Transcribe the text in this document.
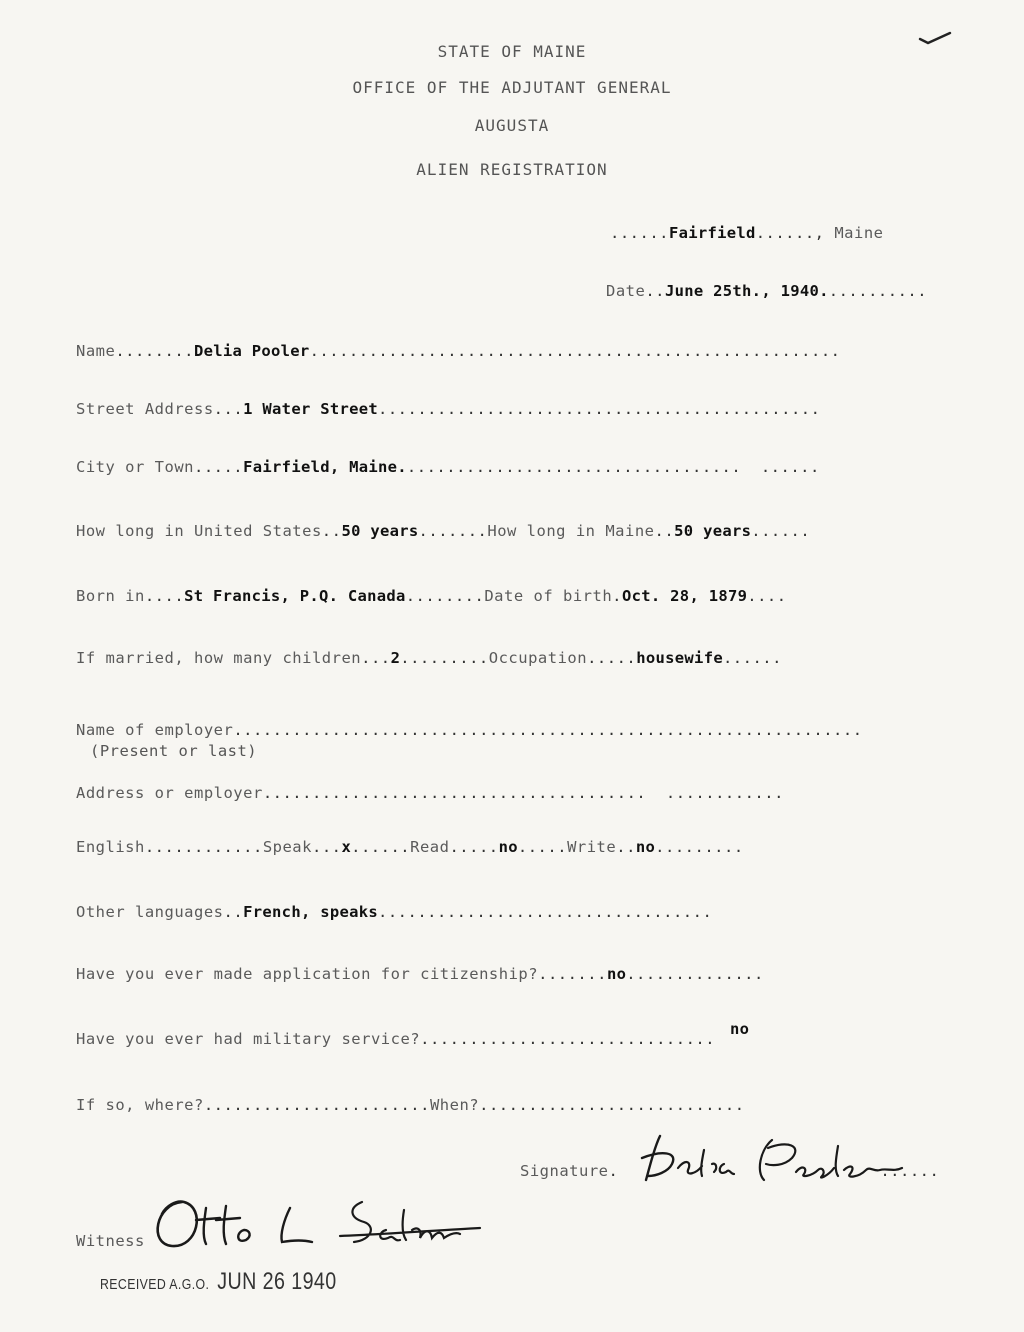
STATE OF MAINE
OFFICE OF THE ADJUTANT GENERAL
AUGUSTA
ALIEN REGISTRATION
......Fairfield......, Maine
Date..June 25th., 1940...........
Name........Delia Pooler......................................................
Street Address...1 Water Street.............................................
City or Town.....Fairfield, Maine...................................  ......
How long in United States..50 years.......How long in Maine..50 years......
Born in....St Francis, P.Q. Canada........Date of birth.Oct. 28, 1879....
If married, how many children...2.........Occupation.....housewife......
Name of employer................................................................
(Present or last)
Address or employer.......................................  ............
English............Speak...x......Read.....no.....Write..no.........
Other languages..French, speaks..................................
Have you ever made application for citizenship?.......no..............
no
Have you ever had military service?..............................
If so, where?.......................When?...........................
Signature.	......
Witness
RECEIVED A.G.O. JUN 26 1940
